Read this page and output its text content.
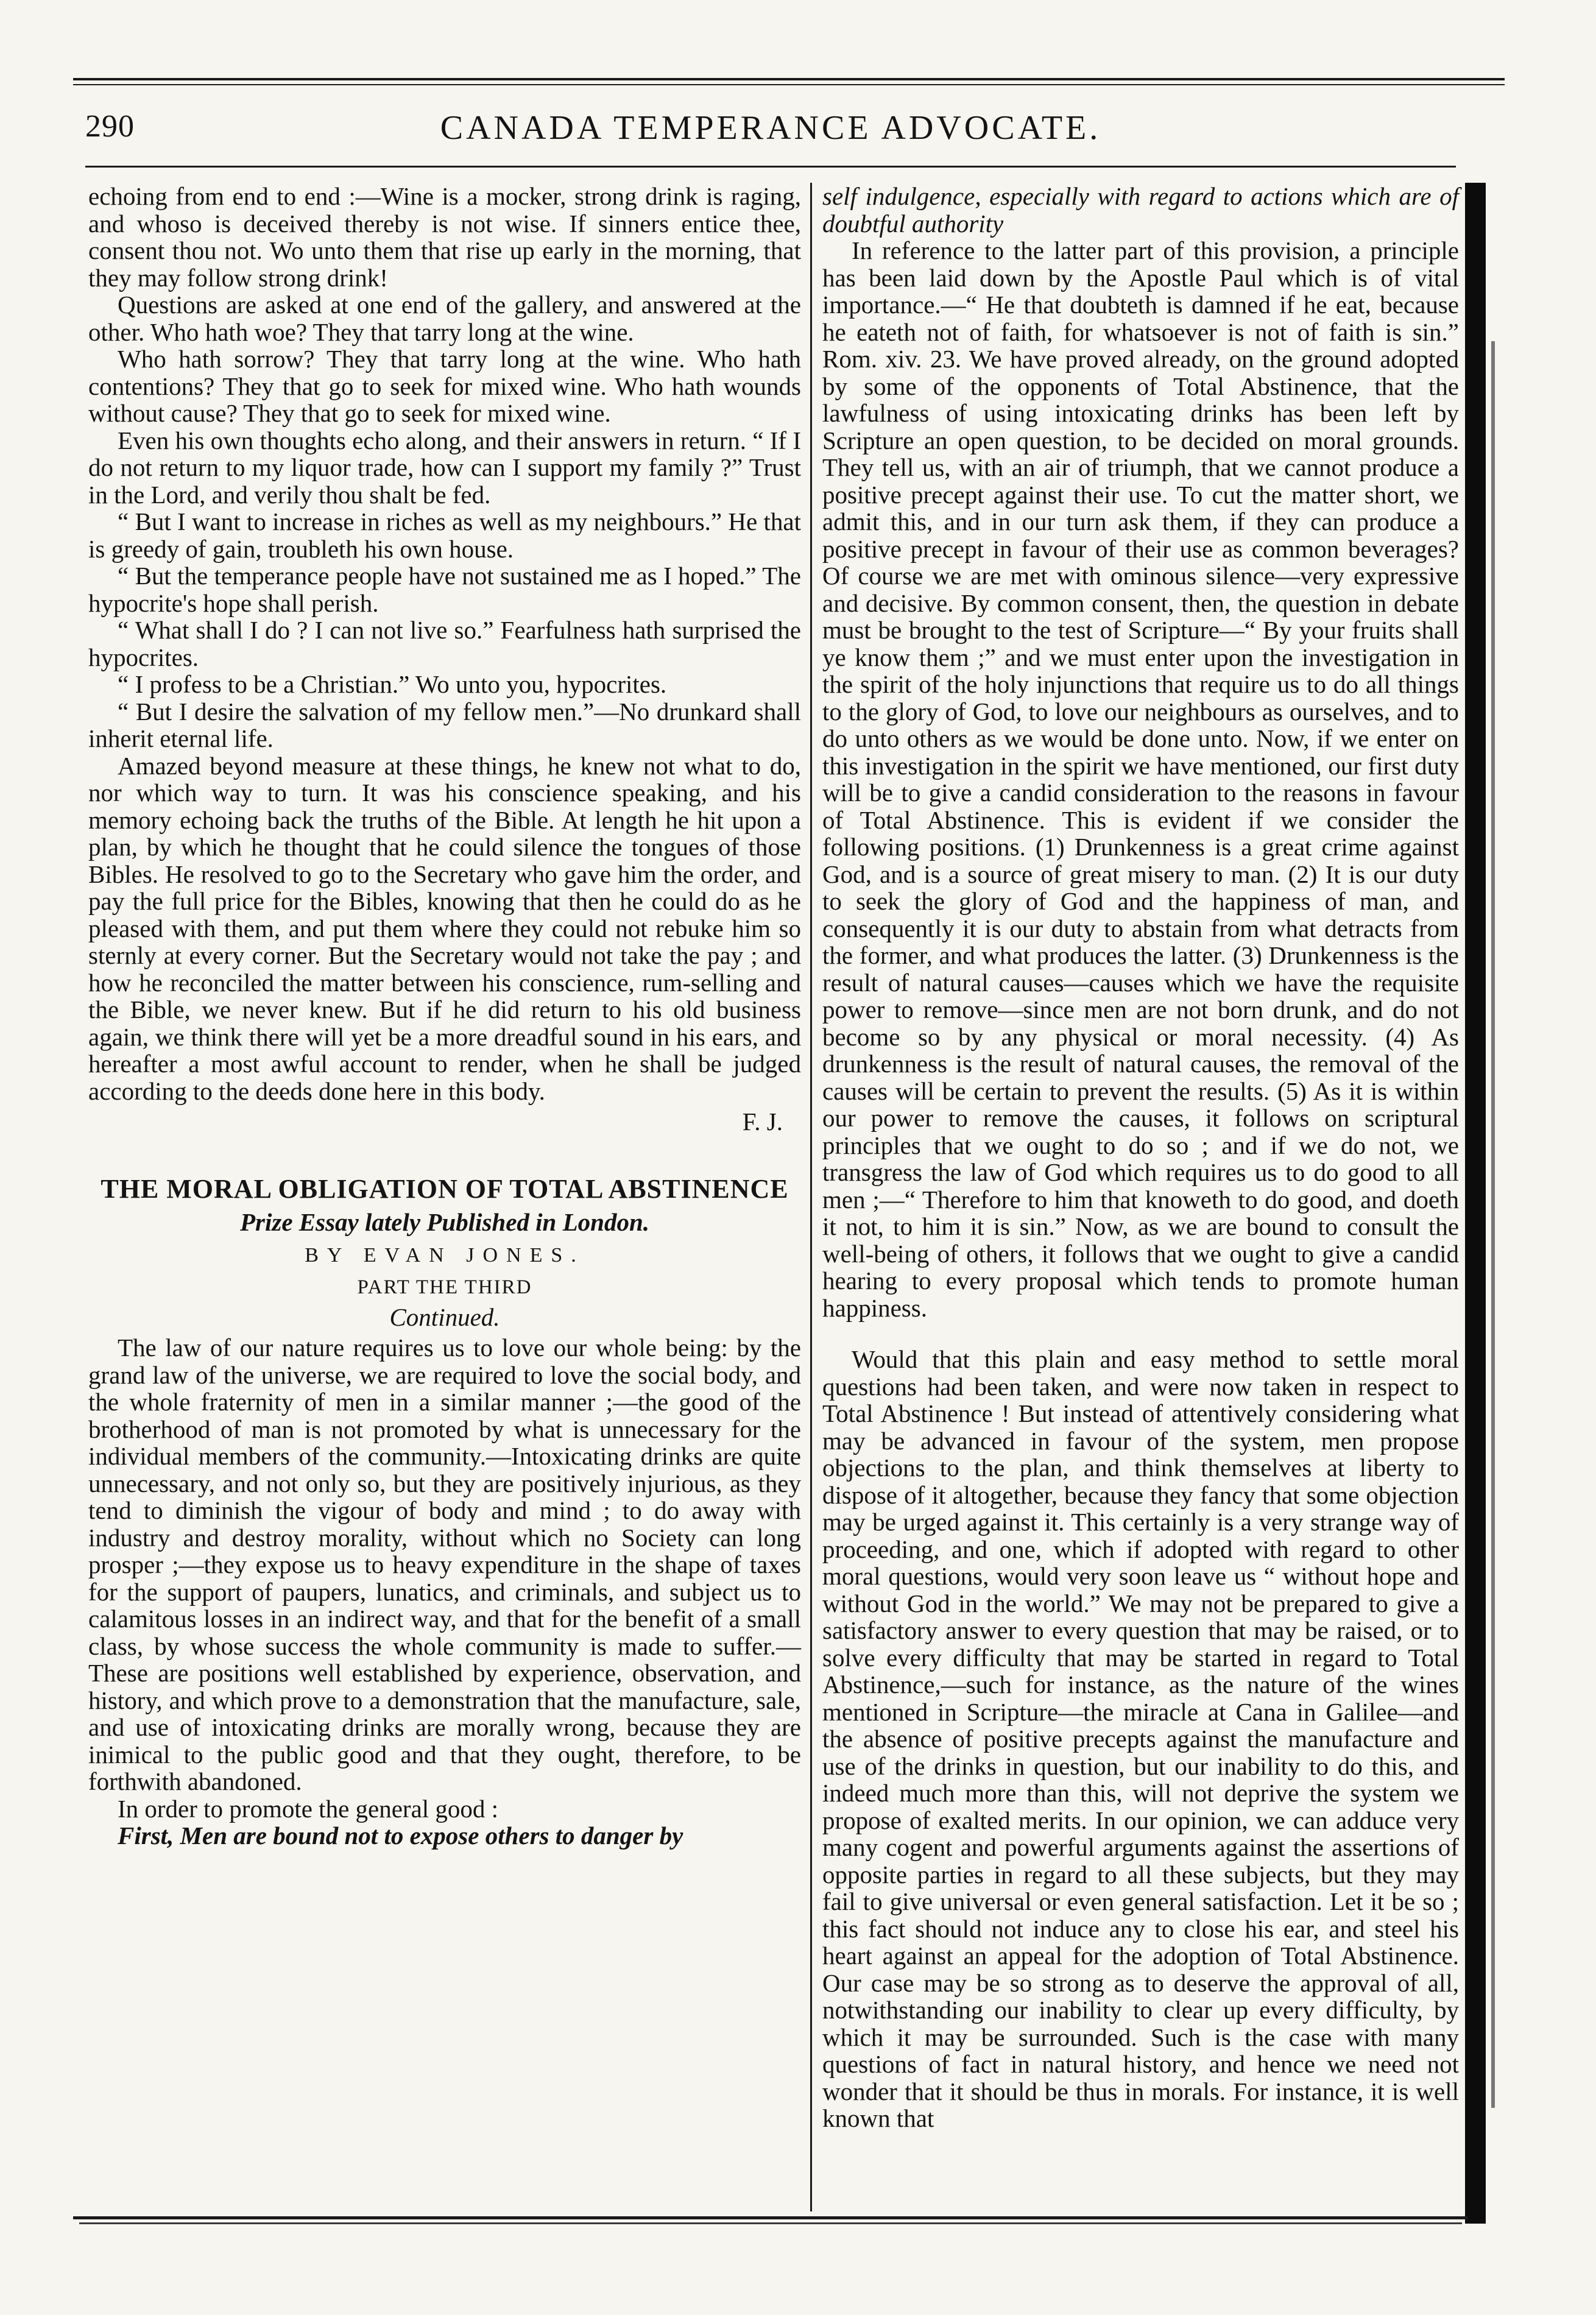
290	CANADA TEMPERANCE ADVOCATE.

echoing from end to end :—Wine is a mocker, strong drink is raging, and whoso is deceived thereby is not wise. If sinners entice thee, consent thou not. Wo unto them that rise up early in the morning, that they may follow strong drink!

Questions are asked at one end of the gallery, and answered at the other. Who hath woe? They that tarry long at the wine.

Who hath sorrow? They that tarry long at the wine. Who hath contentions? They that go to seek for mixed wine. Who hath wounds without cause? They that go to seek for mixed wine.

Even his own thoughts echo along, and their answers in return. “ If I do not return to my liquor trade, how can I support my family ?” Trust in the Lord, and verily thou shalt be fed.

“ But I want to increase in riches as well as my neighbours.” He that is greedy of gain, troubleth his own house.

“ But the temperance people have not sustained me as I hoped.” The hypocrite's hope shall perish.

“ What shall I do ? I can not live so.” Fearfulness hath surprised the hypocrites.

“ I profess to be a Christian.” Wo unto you, hypocrites.

“ But I desire the salvation of my fellow men.”—No drunkard shall inherit eternal life.

Amazed beyond measure at these things, he knew not what to do, nor which way to turn. It was his conscience speaking, and his memory echoing back the truths of the Bible. At length he hit upon a plan, by which he thought that he could silence the tongues of those Bibles. He resolved to go to the Secretary who gave him the order, and pay the full price for the Bibles, knowing that then he could do as he pleased with them, and put them where they could not rebuke him so sternly at every corner. But the Secretary would not take the pay ; and how he reconciled the matter between his conscience, rum-selling and the Bible, we never knew. But if he did return to his old business again, we think there will yet be a more dreadful sound in his ears, and hereafter a most awful account to render, when he shall be judged according to the deeds done here in this body.

F. J.

THE MORAL OBLIGATION OF TOTAL ABSTINENCE

Prize Essay lately Published in London.

BY EVAN JONES.

PART THE THIRD

Continued.

The law of our nature requires us to love our whole being: by the grand law of the universe, we are required to love the social body, and the whole fraternity of men in a similar manner ;—the good of the brotherhood of man is not promoted by what is unnecessary for the individual members of the community.—Intoxicating drinks are quite unnecessary, and not only so, but they are positively injurious, as they tend to diminish the vigour of body and mind ; to do away with industry and destroy morality, without which no Society can long prosper ;—they expose us to heavy expenditure in the shape of taxes for the support of paupers, lunatics, and criminals, and subject us to calamitous losses in an indirect way, and that for the benefit of a small class, by whose success the whole community is made to suffer.—These are positions well established by experience, observation, and history, and which prove to a demonstration that the manufacture, sale, and use of intoxicating drinks are morally wrong, because they are inimical to the public good and that they ought, therefore, to be forthwith abandoned.

In order to promote the general good :

First, Men are bound not to expose others to danger by

self indulgence, especially with regard to actions which are of doubtful authority

In reference to the latter part of this provision, a principle has been laid down by the Apostle Paul which is of vital importance.—“ He that doubteth is damned if he eat, because he eateth not of faith, for whatsoever is not of faith is sin.” Rom. xiv. 23. We have proved already, on the ground adopted by some of the opponents of Total Abstinence, that the lawfulness of using intoxicating drinks has been left by Scripture an open question, to be decided on moral grounds. They tell us, with an air of triumph, that we cannot produce a positive precept against their use. To cut the matter short, we admit this, and in our turn ask them, if they can produce a positive precept in favour of their use as common beverages? Of course we are met with ominous silence—very expressive and decisive. By common consent, then, the question in debate must be brought to the test of Scripture—“ By your fruits shall ye know them ;” and we must enter upon the investigation in the spirit of the holy injunctions that require us to do all things to the glory of God, to love our neighbours as ourselves, and to do unto others as we would be done unto. Now, if we enter on this investigation in the spirit we have mentioned, our first duty will be to give a candid consideration to the reasons in favour of Total Abstinence. This is evident if we consider the following positions. (1) Drunkenness is a great crime against God, and is a source of great misery to man. (2) It is our duty to seek the glory of God and the happiness of man, and consequently it is our duty to abstain from what detracts from the former, and what produces the latter. (3) Drunkenness is the result of natural causes—causes which we have the requisite power to remove—since men are not born drunk, and do not become so by any physical or moral necessity. (4) As drunkenness is the result of natural causes, the removal of the causes will be certain to prevent the results. (5) As it is within our power to remove the causes, it follows on scriptural principles that we ought to do so ; and if we do not, we transgress the law of God which requires us to do good to all men ;—“ Therefore to him that knoweth to do good, and doeth it not, to him it is sin.” Now, as we are bound to consult the well-being of others, it follows that we ought to give a candid hearing to every proposal which tends to promote human happiness.

Would that this plain and easy method to settle moral questions had been taken, and were now taken in respect to Total Abstinence ! But instead of attentively considering what may be advanced in favour of the system, men propose objections to the plan, and think themselves at liberty to dispose of it altogether, because they fancy that some objection may be urged against it. This certainly is a very strange way of proceeding, and one, which if adopted with regard to other moral questions, would very soon leave us “ without hope and without God in the world.” We may not be prepared to give a satisfactory answer to every question that may be raised, or to solve every difficulty that may be started in regard to Total Abstinence,—such for instance, as the nature of the wines mentioned in Scripture—the miracle at Cana in Galilee—and the absence of positive precepts against the manufacture and use of the drinks in question, but our inability to do this, and indeed much more than this, will not deprive the system we propose of exalted merits. In our opinion, we can adduce very many cogent and powerful arguments against the assertions of opposite parties in regard to all these subjects, but they may fail to give universal or even general satisfaction. Let it be so ; this fact should not induce any to close his ear, and steel his heart against an appeal for the adoption of Total Abstinence. Our case may be so strong as to deserve the approval of all, notwithstanding our inability to clear up every difficulty, by which it may be surrounded. Such is the case with many questions of fact in natural history, and hence we need not wonder that it should be thus in morals. For instance, it is well known that
